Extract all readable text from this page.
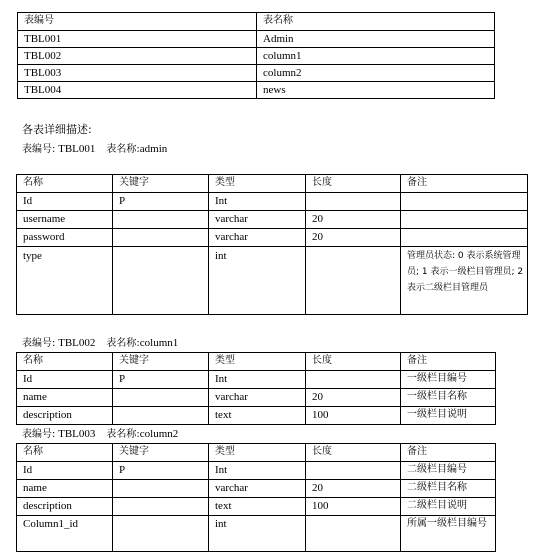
表编号	表名称
TBL001	Admin
TBL002	column1
TBL003	column2
TBL004	news
各表详细描述:
表编号: TBL001 表名称:admin
名称	关键字	类型	长度	备注
Id	P	Int		
username		varchar	20	
password		varchar	20	
type		int		管理员状态: 0 表示系统管理员; 1 表示一级栏目管理员; 2 表示二级栏目管理员
表编号: TBL002 表名称:column1
名称	关键字	类型	长度	备注
Id	P	Int		一级栏目编号
name		varchar	20	一级栏目名称
description		text	100	一级栏目说明
表编号: TBL003 表名称:column2
名称	关键字	类型	长度	备注
Id	P	Int		二级栏目编号
name		varchar	20	二级栏目名称
description		text	100	二级栏目说明
Column1_id		int		所属一级栏目编号
